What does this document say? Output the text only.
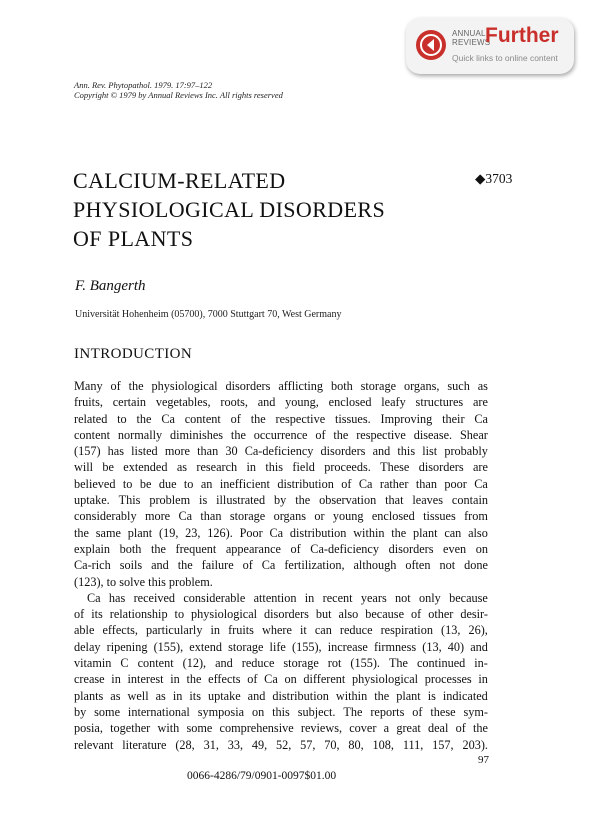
ANNUAL
REVIEWS
Further
Quick links to online content
Ann. Rev. Phytopathol. 1979. 17:97–122
Copyright © 1979 by Annual Reviews Inc. All rights reserved
CALCIUM-RELATED
PHYSIOLOGICAL DISORDERS
OF PLANTS
◆3703
F. Bangerth
Universität Hohenheim (05700), 7000 Stuttgart 70, West Germany
INTRODUCTION
Many of the physiological disorders afflicting both storage organs, such as
fruits, certain vegetables, roots, and young, enclosed leafy structures are
related to the Ca content of the respective tissues. Improving their Ca
content normally diminishes the occurrence of the respective disease. Shear
(157) has listed more than 30 Ca-deficiency disorders and this list probably
will be extended as research in this field proceeds. These disorders are
believed to be due to an inefficient distribution of Ca rather than poor Ca
uptake. This problem is illustrated by the observation that leaves contain
considerably more Ca than storage organs or young enclosed tissues from
the same plant (19, 23, 126). Poor Ca distribution within the plant can also
explain both the frequent appearance of Ca-deficiency disorders even on
Ca-rich soils and the failure of Ca fertilization, although often not done
(123), to solve this problem.
Ca has received considerable attention in recent years not only because
of its relationship to physiological disorders but also because of other desir-
able effects, particularly in fruits where it can reduce respiration (13, 26),
delay ripening (155), extend storage life (155), increase firmness (13, 40) and
vitamin C content (12), and reduce storage rot (155). The continued in-
crease in interest in the effects of Ca on different physiological processes in
plants as well as in its uptake and distribution within the plant is indicated
by some international symposia on this subject. The reports of these sym-
posia, together with some comprehensive reviews, cover a great deal of the
relevant literature (28, 31, 33, 49, 52, 57, 70, 80, 108, 111, 157, 203).
97
0066-4286/79/0901-0097$01.00
